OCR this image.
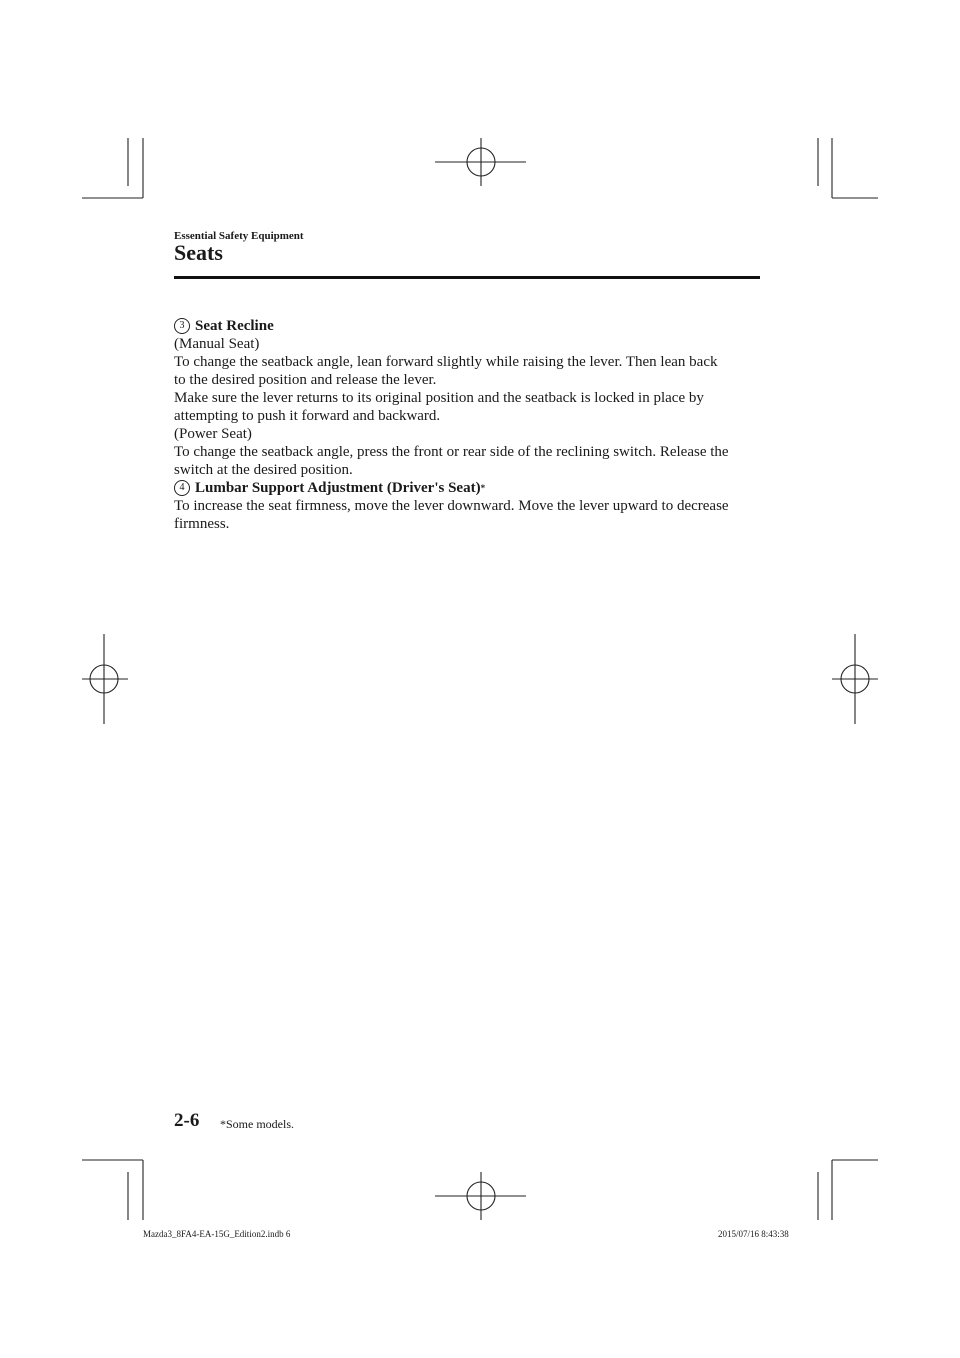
Essential Safety Equipment
Seats

3 Seat Recline

(Manual Seat)

To change the seatback angle, lean forward slightly while raising the lever. Then lean back

to the desired position and release the lever.

Make sure the lever returns to its original position and the seatback is locked in place by

attempting to push it forward and backward.

(Power Seat)

To change the seatback angle, press the front or rear side of the reclining switch. Release the

switch at the desired position.

4 Lumbar Support Adjustment (Driver's Seat) *

To increase the seat firmness, move the lever downward. Move the lever upward to decrease

firmness.

2-6 *Some models.
Mazda3_8FA4-EA-15G_Edition2.indb 6	2015/07/16 8:43:38
